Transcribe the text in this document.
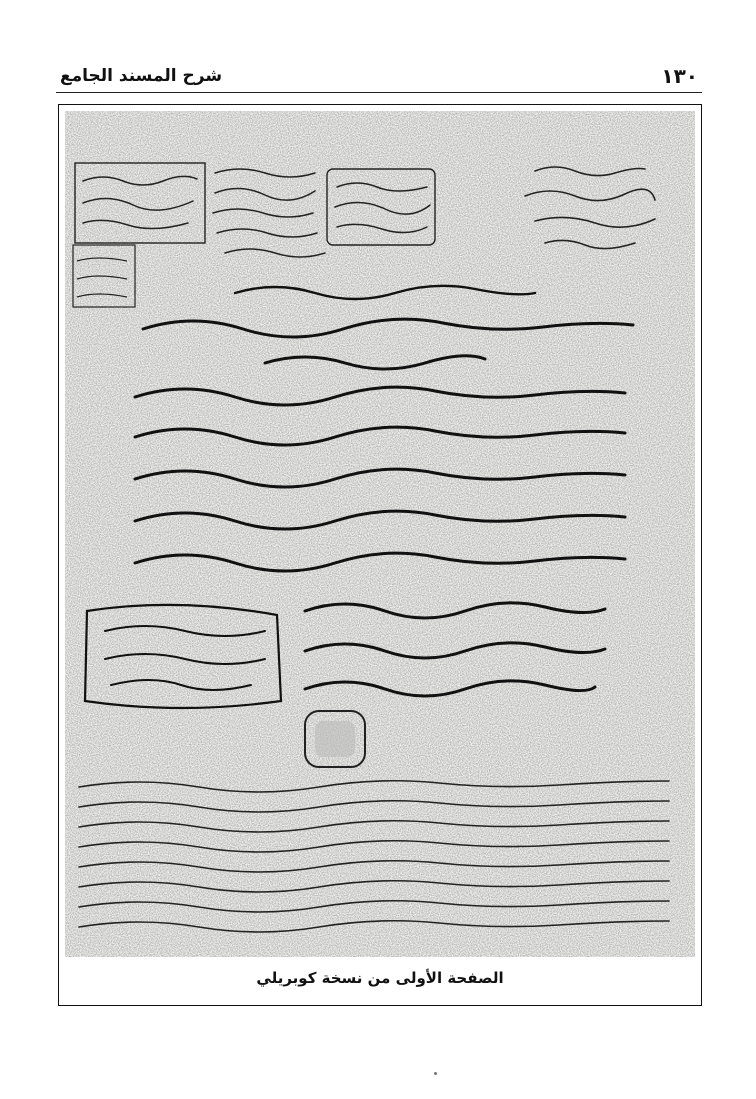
١٣٠
شرح المسند الجامع
الصفحة الأولى من نسخة كوبريلي
